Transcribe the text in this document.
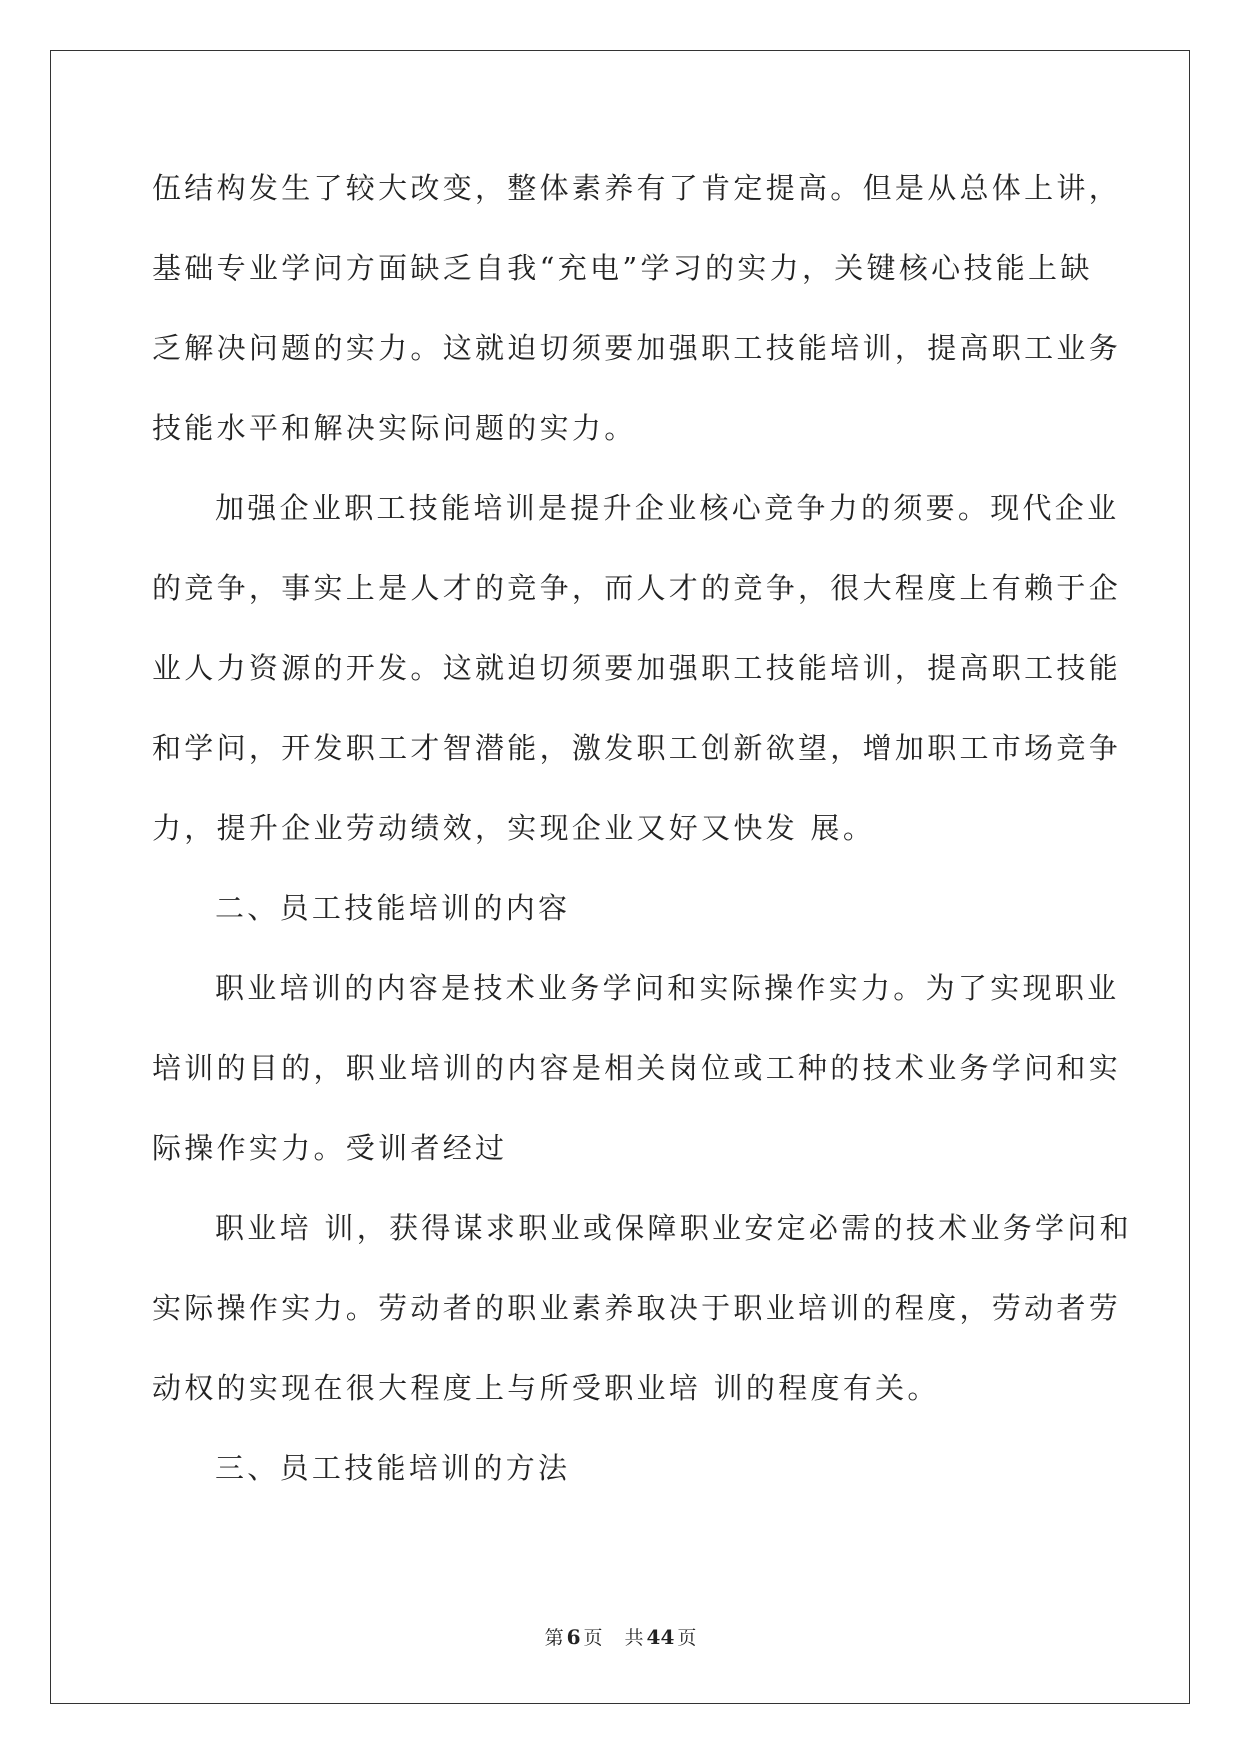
伍结构发生了较大改变，整体素养有了肯定提高。但是从总体上讲，
基础专业学问方面缺乏自我“充电”学习的实力，关键核心技能上缺
乏解决问题的实力。这就迫切须要加强职工技能培训，提高职工业务
技能水平和解决实际问题的实力。
加强企业职工技能培训是提升企业核心竞争力的须要。现代企业
的竞争，事实上是人才的竞争，而人才的竞争，很大程度上有赖于企
业人力资源的开发。这就迫切须要加强职工技能培训，提高职工技能
和学问，开发职工才智潜能，激发职工创新欲望，增加职工市场竞争
力，提升企业劳动绩效，实现企业又好又快发 展。
二、员工技能培训的内容
职业培训的内容是技术业务学问和实际操作实力。为了实现职业
培训的目的，职业培训的内容是相关岗位或工种的技术业务学问和实
际操作实力。受训者经过
职业培 训，获得谋求职业或保障职业安定必需的技术业务学问和
实际操作实力。劳动者的职业素养取决于职业培训的程度，劳动者劳
动权的实现在很大程度上与所受职业培 训的程度有关。
三、员工技能培训的方法
第 6 页 共 44 页
